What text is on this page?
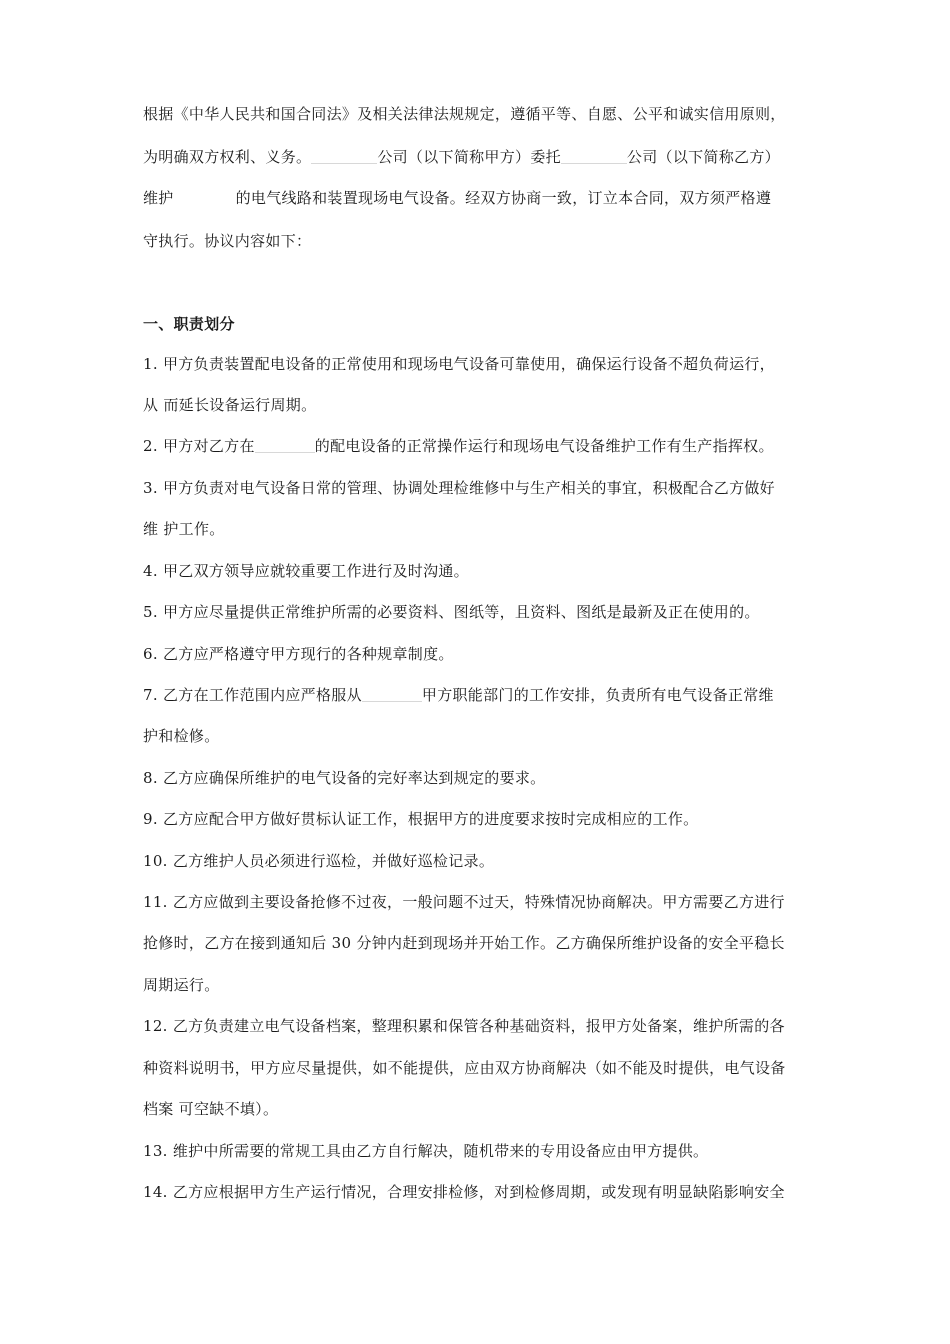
根据《中华人民共和国合同法》及相关法律法规规定，遵循平等、自愿、公平和诚实信用原则，
为明确双方权利、义务。	公司（以下简称甲方）委托	公司（以下简称乙方）
维护	的电气线路和装置现场电气设备。经双方协商一致，订立本合同，双方须严格遵
守执行。协议内容如下：
一、职责划分
1. 甲方负责装置配电设备的正常使用和现场电气设备可靠使用，确保运行设备不超负荷运行，
从 而延长设备运行周期。
2. 甲方对乙方在	的配电设备的正常操作运行和现场电气设备维护工作有生产指挥权。
3. 甲方负责对电气设备日常的管理、协调处理检维修中与生产相关的事宜，积极配合乙方做好
维 护工作。
4. 甲乙双方领导应就较重要工作进行及时沟通。
5. 甲方应尽量提供正常维护所需的必要资料、图纸等，且资料、图纸是最新及正在使用的。
6. 乙方应严格遵守甲方现行的各种规章制度。
7. 乙方在工作范围内应严格服从	甲方职能部门的工作安排，负责所有电气设备正常维
护和检修。
8. 乙方应确保所维护的电气设备的完好率达到规定的要求。
9. 乙方应配合甲方做好贯标认证工作，根据甲方的进度要求按时完成相应的工作。
10. 乙方维护人员必须进行巡检，并做好巡检记录。
11. 乙方应做到主要设备抢修不过夜，一般问题不过天，特殊情况协商解决。甲方需要乙方进行
抢修时，乙方在接到通知后 30 分钟内赶到现场并开始工作。乙方确保所维护设备的安全平稳长
周期运行。
12. 乙方负责建立电气设备档案，整理积累和保管各种基础资料，报甲方处备案，维护所需的各
种资料说明书，甲方应尽量提供，如不能提供，应由双方协商解决（如不能及时提供，电气设备
档案 可空缺不填）。
13. 维护中所需要的常规工具由乙方自行解决，随机带来的专用设备应由甲方提供。
14. 乙方应根据甲方生产运行情况，合理安排检修，对到检修周期，或发现有明显缺陷影响安全
